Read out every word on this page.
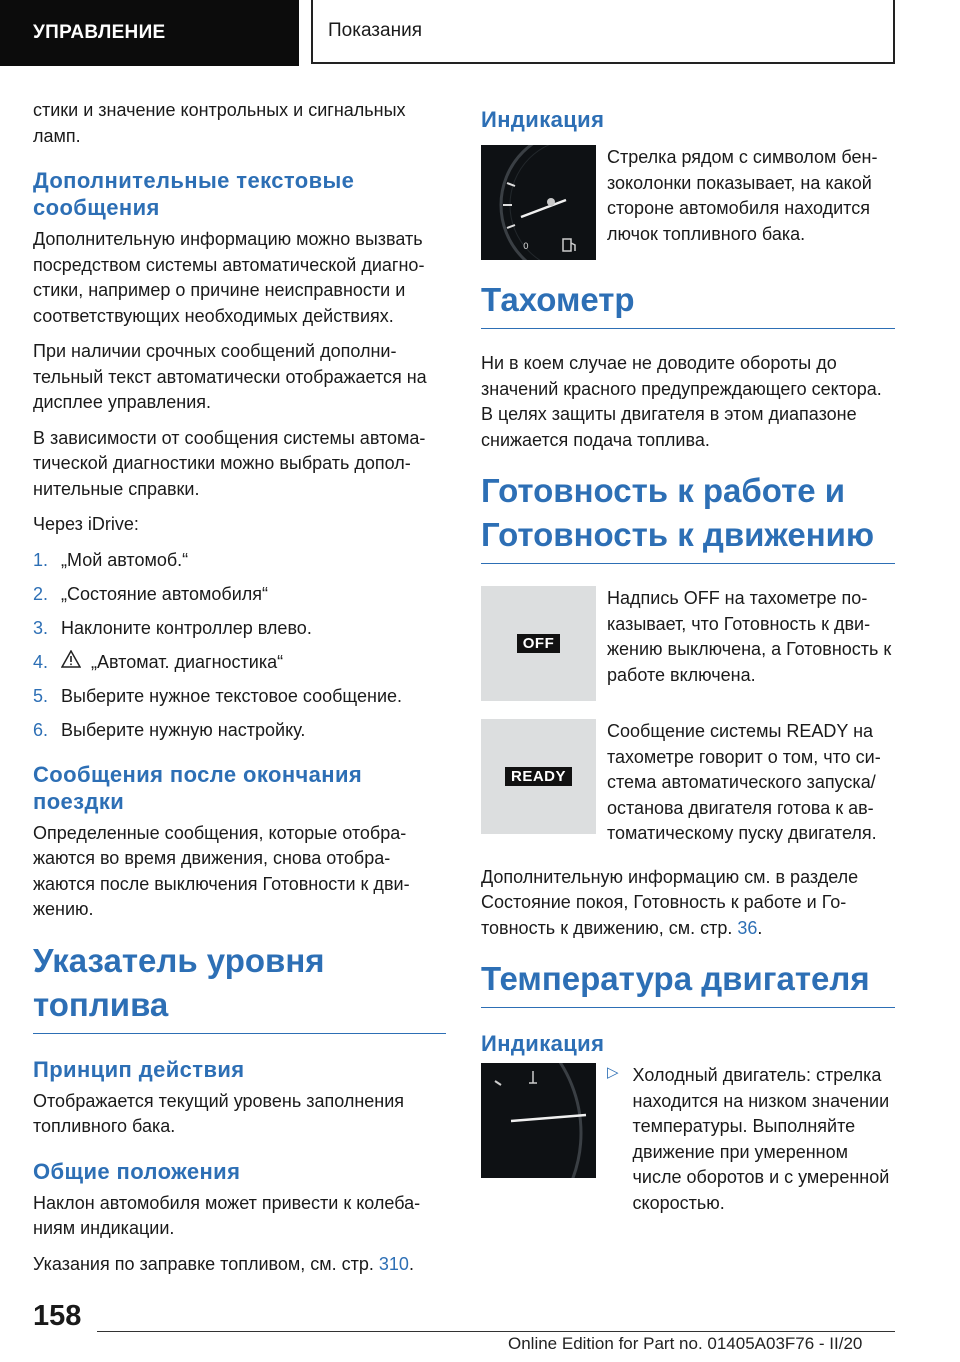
УПРАВЛЕНИЕ	Показания

стики и значение контрольных и сигнальных ламп.

Дополнительные текстовые сообщения

Дополнительную информацию можно вызвать посредством системы автоматической диагностики, например о причине неисправности и соответствующих необходимых действиях.

При наличии срочных сообщений дополнительный текст автоматически отображается на дисплее управления.

В зависимости от сообщения системы автоматической диагностики можно выбрать дополнительные справки.

Через iDrive:

1. „Мой автомоб.“
2. „Состояние автомобиля“
3. Наклоните контроллер влево.
4.	„Автомат. диагностика“
5. Выберите нужное текстовое сообщение.
6. Выберите нужную настройку.
Сообщения после окончания поездки

Определенные сообщения, которые отображаются во время движения, снова отображаются после выключения Готовности к движению.

Указатель уровня топлива
Принцип действия

Отображается текущий уровень заполнения топливного бака.

Общие положения

Наклон автомобиля может привести к колебаниям индикации.

Указания по заправке топливом, см. стр. 310.

Индикация
0

Стрелка рядом с символом бензоколонки показывает, на какой стороне автомобиля находится лючок топливного бака.

Тахометр

Ни в коем случае не доводите обороты до значений красного предупреждающего сектора. В целях защиты двигателя в этом диапазоне снижается подача топлива.

Готовность к работе и Готовность к движению
OFF

Надпись OFF на тахометре показывает, что Готовность к движению выключена, а Готовность к работе включена.

READY

Сообщение системы READY на тахометре говорит о том, что система автоматического запуска/останова двигателя готова к автоматическому пуску двигателя.

Дополнительную информацию см. в разделе Состояние покоя, Готовность к работе и Готовность к движению, см. стр. 36.

Температура двигателя
Индикация
▷ Холодный двигатель: стрелка находится на низком значении температуры. Выполняйте движение при умеренном числе оборотов и с умеренной скоростью.

158
Online Edition for Part no. 01405A03F76 - II/20
